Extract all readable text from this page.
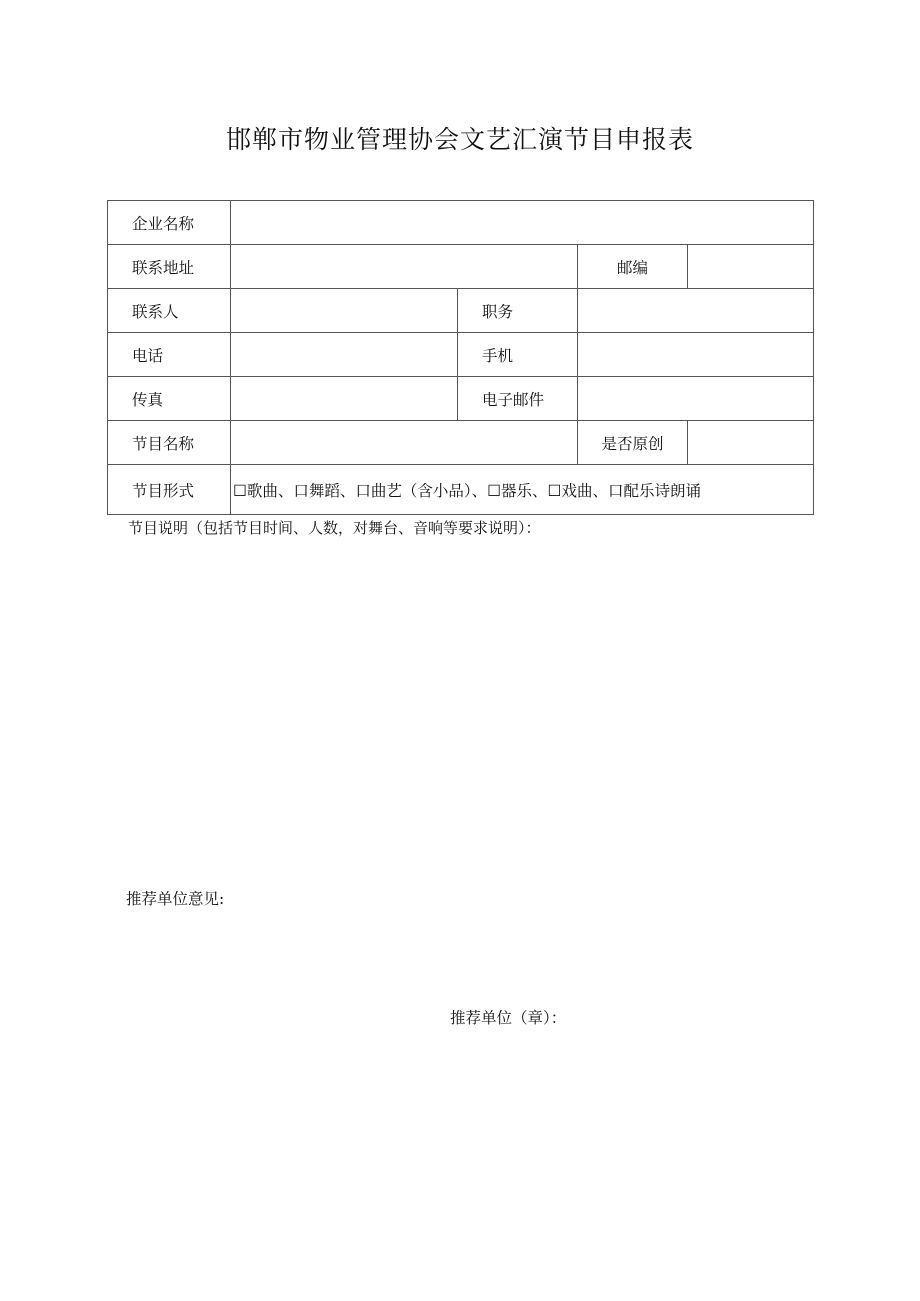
邯郸市物业管理协会文艺汇演节目申报表
企业名称				
联系地址			邮编	
联系人		职务		
电话		手机		
传真		电子邮件		
节目名称			是否原创	
节目形式	☐歌曲、口舞蹈、口曲艺（含小品）、☐器乐、☐戏曲、口配乐诗朗诵			
节目说明（包括节目时间、人数，对舞台、音响等要求说明）：
推荐单位意见:
推荐单位（章）：
